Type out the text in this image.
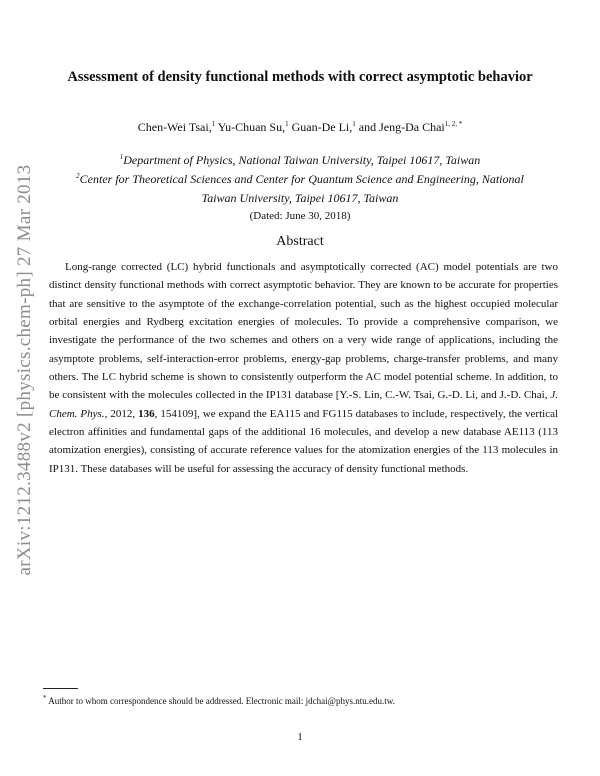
arXiv:1212.3488v2 [physics.chem-ph] 27 Mar 2013
Assessment of density functional methods with correct asymptotic behavior
Chen-Wei Tsai,$^1$ Yu-Chuan Su,$^1$ Guan-De Li,$^1$ and Jeng-Da Chai$^{1, 2, *}$
$^1$Department of Physics, National Taiwan University, Taipei 10617, Taiwan
$^2$Center for Theoretical Sciences and Center for Quantum Science and Engineering, National Taiwan University, Taipei 10617, Taiwan
(Dated: June 30, 2018)
Abstract

Long-range corrected (LC) hybrid functionals and asymptotically corrected (AC) model potentials are two distinct density functional methods with correct asymptotic behavior. They are known to be accurate for properties that are sensitive to the asymptote of the exchange-correlation potential, such as the highest occupied molecular orbital energies and Rydberg excitation energies of molecules. To provide a comprehensive comparison, we investigate the performance of the two schemes and others on a very wide range of applications, including the asymptote problems, self-interaction-error problems, energy-gap problems, charge-transfer problems, and many others. The LC hybrid scheme is shown to consistently outperform the AC model potential scheme. In addition, to be consistent with the molecules collected in the IP131 database [Y.-S. Lin, C.-W. Tsai, G.-D. Li, and J.-D. Chai, J. Chem. Phys., 2012, 136, 154109], we expand the EA115 and FG115 databases to include, respectively, the vertical electron affinities and fundamental gaps of the additional 16 molecules, and develop a new database AE113 (113 atomization energies), consisting of accurate reference values for the atomization energies of the 113 molecules in IP131. These databases will be useful for assessing the accuracy of density functional methods.

* Author to whom correspondence should be addressed. Electronic mail: jdchai@phys.ntu.edu.tw.
1
